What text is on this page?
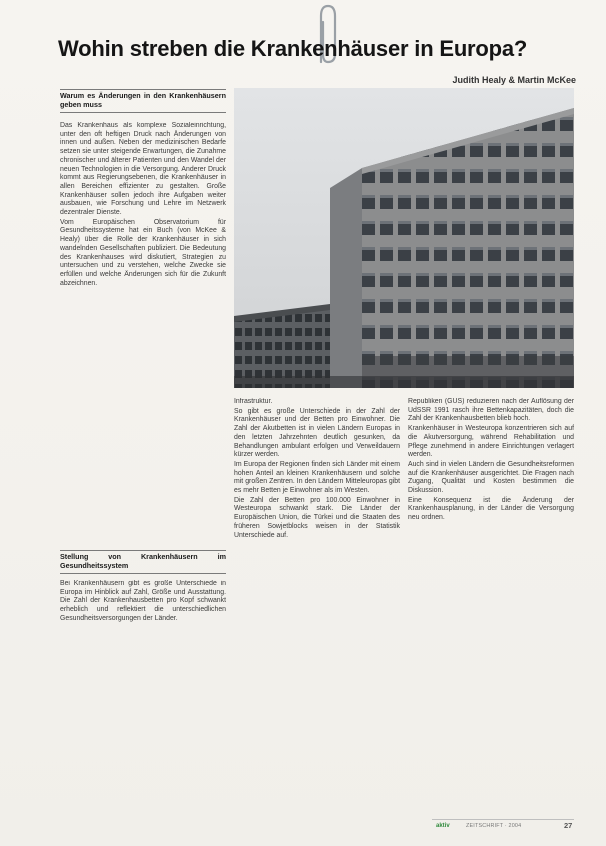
Wohin streben die Krankenhäuser in Europa?
Judith Healy & Martin McKee
Warum es Änderungen in den Krankenhäusern geben muss

Das Krankenhaus als komplexe Sozialeinrichtung, unter den oft heftigen Druck nach Änderungen von innen und außen. Neben der medizinischen Bedarfe setzen sie unter steigende Erwartungen, die Zunahme chronischer und älterer Patienten und den Wandel der neuen Technologien in die Versorgung. Anderer Druck kommt aus Regierungsebenen, die Krankenhäuser in allen Bereichen effizienter zu gestalten. Große Krankenhäuser sollen jedoch ihre Aufgaben weiter ausbauen, wie Forschung und Lehre im Netzwerk dezentraler Dienste.

Vom Europäischen Observatorium für Gesundheitssysteme hat ein Buch (von McKee & Healy) über die Rolle der Krankenhäuser in sich wandelnden Gesellschaften publiziert. Die Bedeutung des Krankenhauses wird diskutiert, Strategien zu untersuchen und zu verstehen, welche Zwecke sie erfüllen und welche Änderungen sich für die Zukunft abzeichnen.

Stellung von Krankenhäusern im Gesundheitssystem

Bei Krankenhäusern gibt es große Unterschiede in Europa im Hinblick auf Zahl, Größe und Ausstattung. Die Zahl der Krankenhausbetten pro Kopf schwankt erheblich und reflektiert die unterschiedlichen Gesundheitsversorgungen der Länder.

Infrastruktur.

So gibt es große Unterschiede in der Zahl der Krankenhäuser und der Betten pro Einwohner. Die Zahl der Akutbetten ist in vielen Ländern Europas in den letzten Jahrzehnten deutlich gesunken, da Behandlungen ambulant erfolgen und Verweildauern kürzer werden.

Im Europa der Regionen finden sich Länder mit einem hohen Anteil an kleinen Krankenhäusern und solche mit großen Zentren. In den Ländern Mitteleuropas gibt es mehr Betten je Einwohner als im Westen.

Die Zahl der Betten pro 100.000 Einwohner in Westeuropa schwankt stark. Die Länder der Europäischen Union, die Türkei und die Staaten des früheren Sowjetblocks weisen in der Statistik Unterschiede auf.

Republiken (GUS) reduzieren nach der Auflösung der UdSSR 1991 rasch ihre Bettenkapazitäten, doch die Zahl der Krankenhausbetten blieb hoch.

Krankenhäuser in Westeuropa konzentrieren sich auf die Akutversorgung, während Rehabilitation und Pflege zunehmend in andere Einrichtungen verlagert werden.

Auch sind in vielen Ländern die Gesundheitsreformen auf die Krankenhäuser ausgerichtet. Die Fragen nach Zugang, Qualität und Kosten bestimmen die Diskussion.

Eine Konsequenz ist die Änderung der Krankenhausplanung, in der Länder die Versorgung neu ordnen.

aktiv	ZEITSCHRIFT · 2004	27
